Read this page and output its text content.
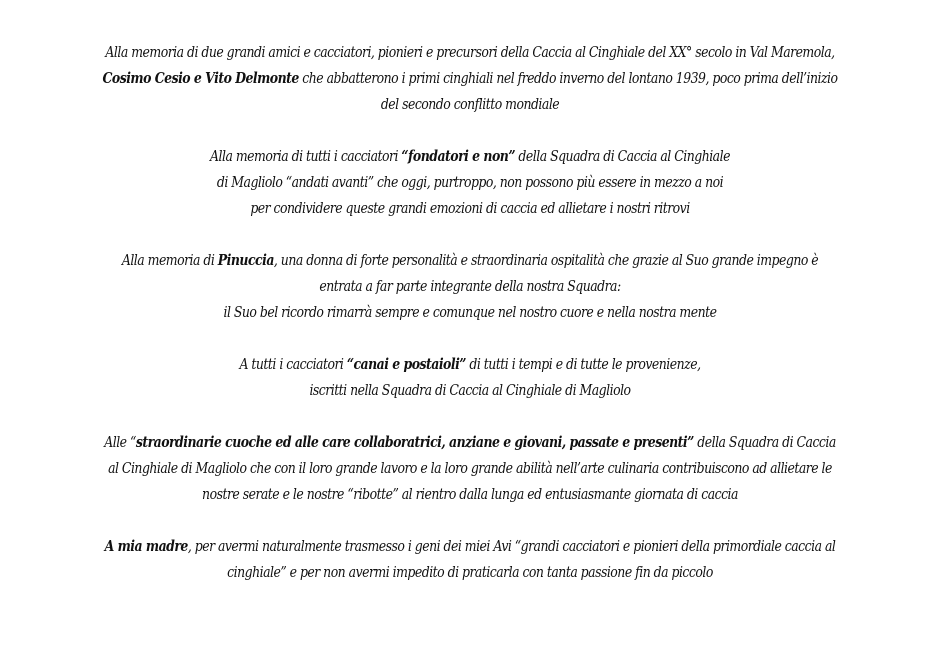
Alla memoria di due grandi amici e cacciatori, pionieri e precursori della Caccia al Cinghiale del XX° secolo in Val Maremola,
Cosimo Cesio e Vito Delmonte che abbatterono i primi cinghiali nel freddo inverno del lontano 1939, poco prima dell’inizio del secondo conflitto mondiale

Alla memoria di tutti i cacciatori “fondatori e non” della Squadra di Caccia al Cinghiale
di Magliolo “andati avanti” che oggi, purtroppo, non possono più essere in mezzo a noi
per condividere queste grandi emozioni di caccia ed allietare i nostri ritrovi

Alla memoria di Pinuccia, una donna di forte personalità e straordinaria ospitalità che grazie al Suo grande impegno è entrata a far parte integrante della nostra Squadra:
il Suo bel ricordo rimarrà sempre e comunque nel nostro cuore e nella nostra mente

A tutti i cacciatori “canai e postaioli” di tutti i tempi e di tutte le provenienze,
iscritti nella Squadra di Caccia al Cinghiale di Magliolo

Alle “straordinarie cuoche ed alle care collaboratrici, anziane e giovani, passate e presenti” della Squadra di Caccia al Cinghiale di Magliolo che con il loro grande lavoro e la loro grande abilità nell’arte culinaria contribuiscono ad allietare le nostre serate e le nostre “ribotte” al rientro dalla lunga ed entusiasmante giornata di caccia

A mia madre, per avermi naturalmente trasmesso i geni dei miei Avi “grandi cacciatori e pionieri della primordiale caccia al cinghiale” e per non avermi impedito di praticarla con tanta passione fin da piccolo
